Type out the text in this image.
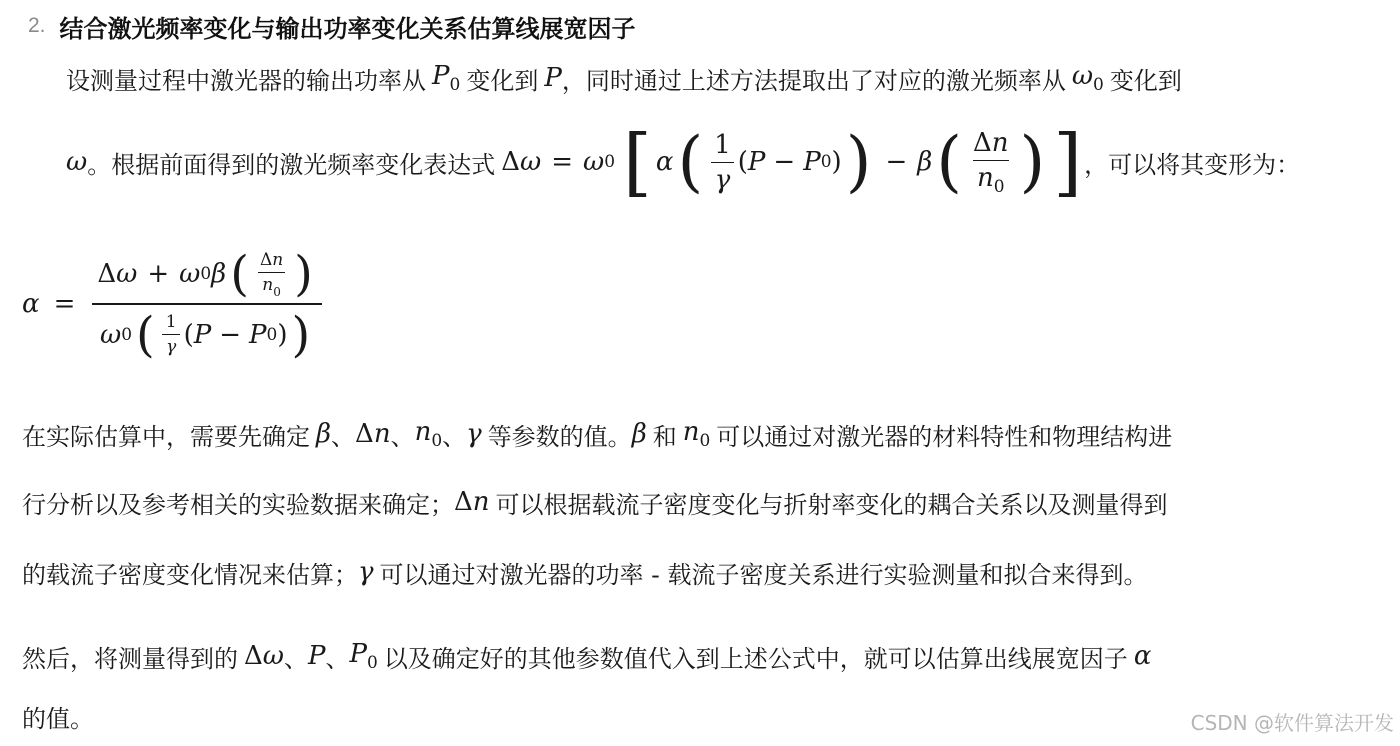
2. 结合激光频率变化与输出功率变化关系估算线展宽因子
设测量过程中激光器的输出功率从 $P_0$ 变化到 P ，同时通过上述方法提取出了对应的激光频率从 $\omega_0$ 变化到
ω 。根据前面得到的激光频率变化表达式 Δ ω = ω 0 [ α ( $\frac{1}{\gamma}$ ( P − P 0 ) ) − β ( $\frac{\Delta n}{n_0}$ ) ] ，可以将其变形为：
$\alpha = \frac{\Delta \omega + \omega 0 \beta ( \frac{\Delta n}{n0} )}{\omega 0 ( \frac{1}{\gamma} ( P - P 0 ) )}$
在实际估算中，需要先确定 β 、 Δn 、 $n_0$ 、 γ 等参数的值。 β 和 $n_0$ 可以通过对激光器的材料特性和物理结构进
行分析以及参考相关的实验数据来确定； Δn 可以根据载流子密度变化与折射率变化的耦合关系以及测量得到
的载流子密度变化情况来估算； γ 可以通过对激光器的功率 - 载流子密度关系进行实验测量和拟合来得到。
然后，将测量得到的 Δω 、 P 、 $P_0$ 以及确定好的其他参数值代入到上述公式中，就可以估算出线展宽因子 α
的值。	CSDN @软件算法开发
